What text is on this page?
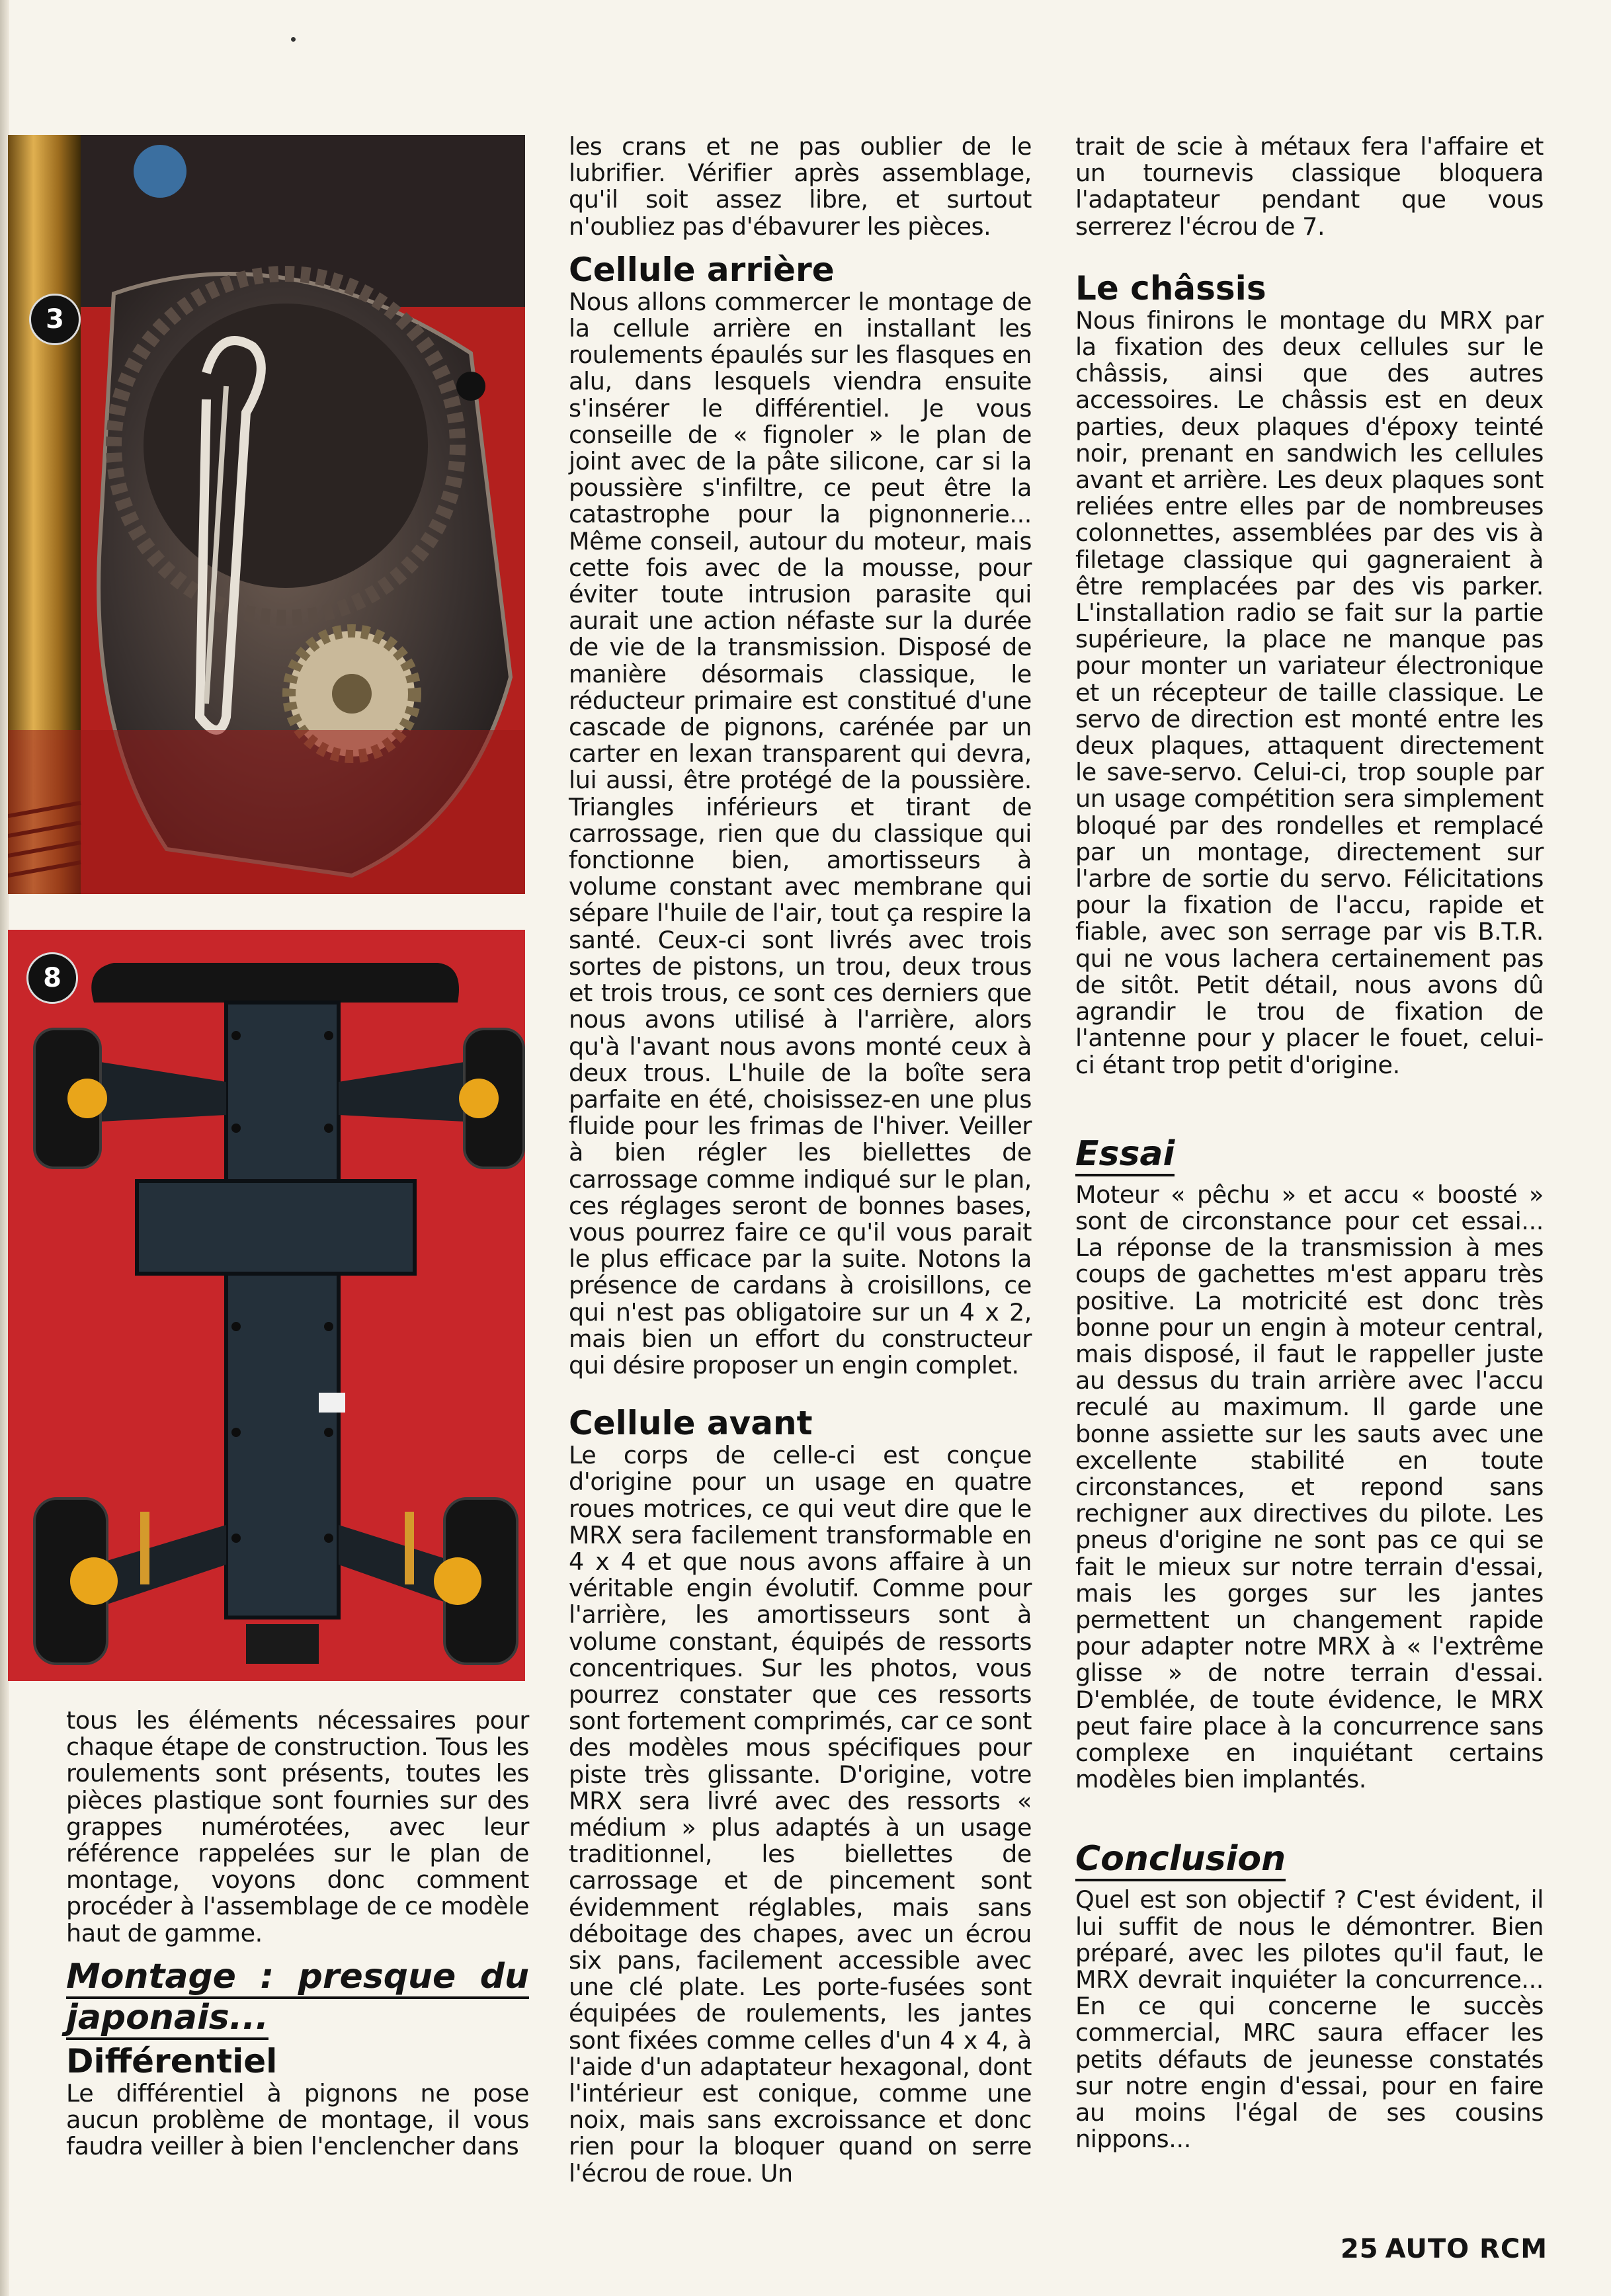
3
8

tous les éléments nécessaires pour chaque étape de construction. Tous les roulements sont présents, toutes les pièces plastique sont fournies sur des grappes numérotées, avec leur référence rappelées sur le plan de montage, voyons donc comment procéder à l'assemblage de ce modèle haut de gamme.

Montage : presque du japonais...
Différentiel

Le différentiel à pignons ne pose aucun problème de montage, il vous faudra veiller à bien l'enclencher dans

les crans et ne pas oublier de le lubrifier. Vérifier après assemblage, qu'il soit assez libre, et surtout n'oubliez pas d'ébavurer les pièces.

Cellule arrière

Nous allons commercer le montage de la cellule arrière en installant les roulements épaulés sur les flasques en alu, dans lesquels viendra ensuite s'insérer le différentiel. Je vous conseille de « fignoler » le plan de joint avec de la pâte silicone, car si la poussière s'infiltre, ce peut être la catastrophe pour la pignonnerie... Même conseil, autour du moteur, mais cette fois avec de la mousse, pour éviter toute intrusion parasite qui aurait une action néfaste sur la durée de vie de la transmission. Disposé de manière désormais classique, le réducteur primaire est constitué d'une cascade de pignons, carénée par un carter en lexan transparent qui devra, lui aussi, être protégé de la poussière. Triangles inférieurs et tirant de carrossage, rien que du classique qui fonctionne bien, amortisseurs à volume constant avec membrane qui sépare l'huile de l'air, tout ça respire la santé. Ceux-ci sont livrés avec trois sortes de pistons, un trou, deux trous et trois trous, ce sont ces derniers que nous avons utilisé à l'arrière, alors qu'à l'avant nous avons monté ceux à deux trous. L'huile de la boîte sera parfaite en été, choisissez-en une plus fluide pour les frimas de l'hiver. Veiller à bien régler les biellettes de carrossage comme indiqué sur le plan, ces réglages seront de bonnes bases, vous pourrez faire ce qu'il vous parait le plus efficace par la suite. Notons la présence de cardans à croisillons, ce qui n'est pas obligatoire sur un 4 x 2, mais bien un effort du constructeur qui désire proposer un engin complet.

Cellule avant

Le corps de celle-ci est conçue d'origine pour un usage en quatre roues motrices, ce qui veut dire que le MRX sera facilement transformable en 4 x 4 et que nous avons affaire à un véritable engin évolutif. Comme pour l'arrière, les amortisseurs sont à volume constant, équipés de ressorts concentriques. Sur les photos, vous pourrez constater que ces ressorts sont fortement comprimés, car ce sont des modèles mous spécifiques pour piste très glissante. D'origine, votre MRX sera livré avec des ressorts « médium » plus adaptés à un usage traditionnel, les biellettes de carrossage et de pincement sont évidemment réglables, mais sans déboitage des chapes, avec un écrou six pans, facilement accessible avec une clé plate. Les porte-fusées sont équipées de roulements, les jantes sont fixées comme celles d'un 4 x 4, à l'aide d'un adaptateur hexagonal, dont l'intérieur est conique, comme une noix, mais sans excroissance et donc rien pour la bloquer quand on serre l'écrou de roue. Un

trait de scie à métaux fera l'affaire et un tournevis classique bloquera l'adaptateur pendant que vous serrerez l'écrou de 7.

Le châssis

Nous finirons le montage du MRX par la fixation des deux cellules sur le châssis, ainsi que des autres accessoires. Le châssis est en deux parties, deux plaques d'époxy teinté noir, prenant en sandwich les cellules avant et arrière. Les deux plaques sont reliées entre elles par de nombreuses colonnettes, assemblées par des vis à filetage classique qui gagneraient à être remplacées par des vis parker. L'installation radio se fait sur la partie supérieure, la place ne manque pas pour monter un variateur électronique et un récepteur de taille classique. Le servo de direction est monté entre les deux plaques, attaquent directement le save-servo. Celui-ci, trop souple par un usage compétition sera simplement bloqué par des rondelles et remplacé par un montage, directement sur l'arbre de sortie du servo. Félicitations pour la fixation de l'accu, rapide et fiable, avec son serrage par vis B.T.R. qui ne vous lachera certainement pas de sitôt. Petit détail, nous avons dû agrandir le trou de fixation de l'antenne pour y placer le fouet, celui-ci étant trop petit d'origine.

Essai

Moteur « pêchu » et accu « boosté » sont de circonstance pour cet essai... La réponse de la transmission à mes coups de gachettes m'est apparu très positive. La motricité est donc très bonne pour un engin à moteur central, mais disposé, il faut le rappeller juste au dessus du train arrière avec l'accu reculé au maximum. Il garde une bonne assiette sur les sauts avec une excellente stabilité en toute circonstances, et repond sans rechigner aux directives du pilote. Les pneus d'origine ne sont pas ce qui se fait le mieux sur notre terrain d'essai, mais les gorges sur les jantes permettent un changement rapide pour adapter notre MRX à « l'extrême glisse » de notre terrain d'essai. D'emblée, de toute évidence, le MRX peut faire place à la concurrence sans complexe en inquiétant certains modèles bien implantés.

Conclusion

Quel est son objectif ? C'est évident, il lui suffit de nous le démontrer. Bien préparé, avec les pilotes qu'il faut, le MRX devrait inquiéter la concurrence... En ce qui concerne le succès commercial, MRC saura effacer les petits défauts de jeunesse constatés sur notre engin d'essai, pour en faire au moins l'égal de ses cousins nippons...

25 AUTO RCM
